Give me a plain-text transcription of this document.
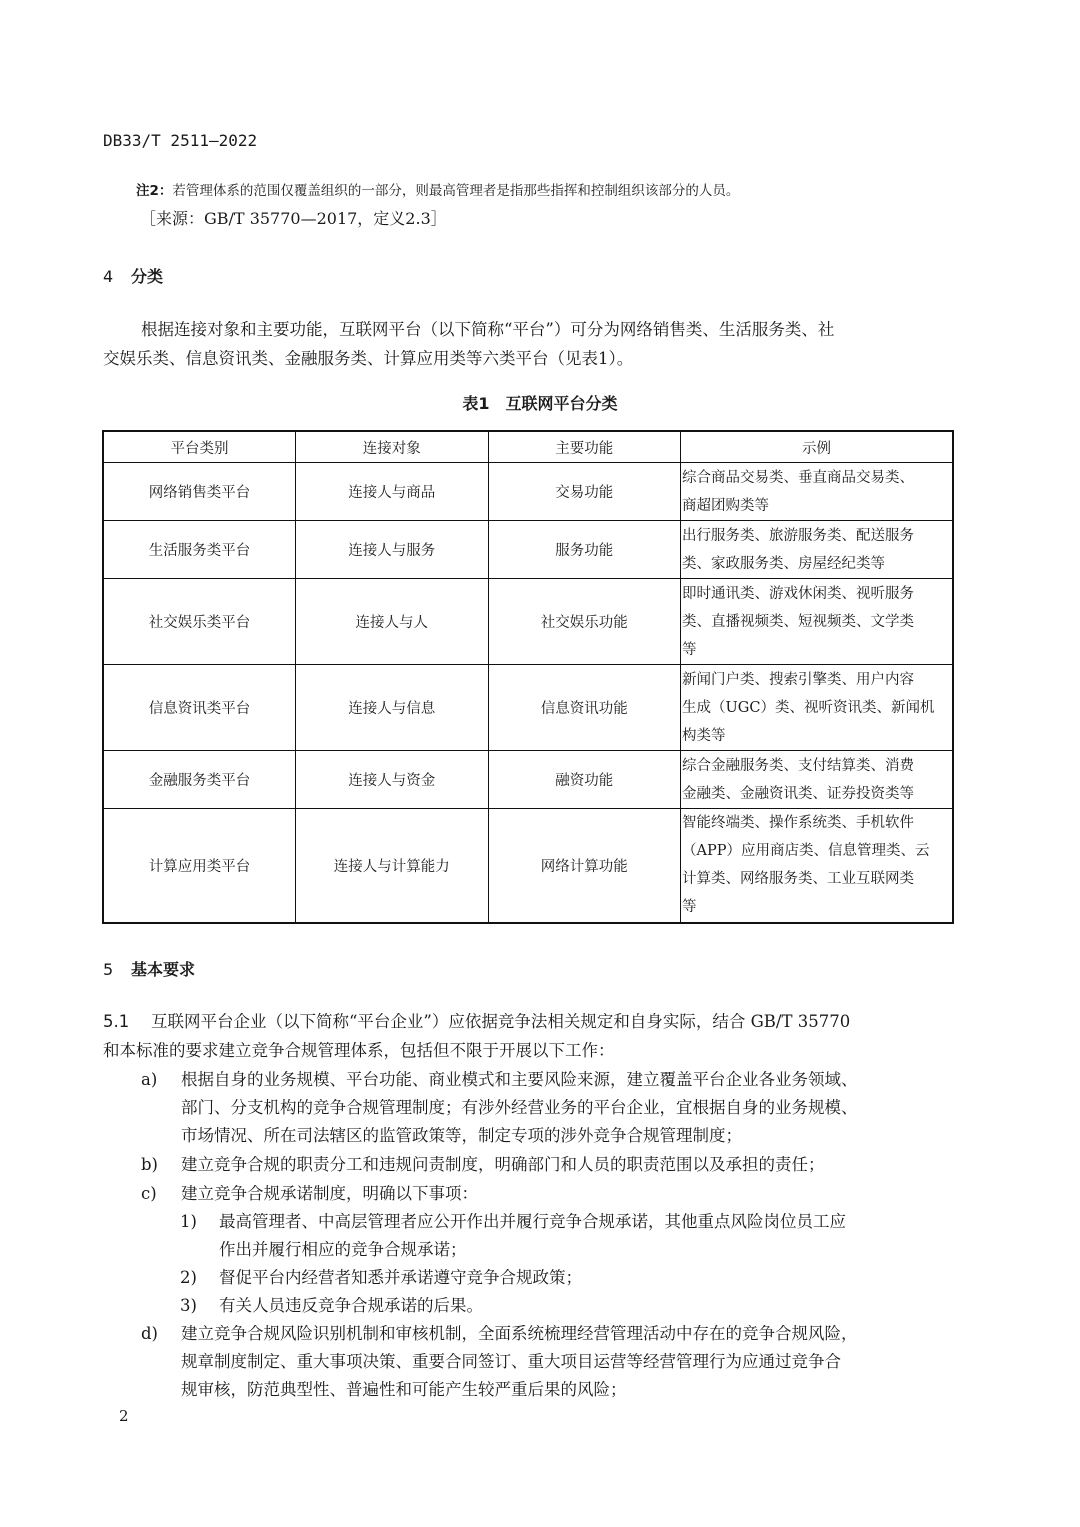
DB33/T 2511—2022
注2：若管理体系的范围仅覆盖组织的一部分，则最高管理者是指那些指挥和控制组织该部分的人员。
［来源：GB/T 35770—2017，定义2.3］
4 分类
根据连接对象和主要功能，互联网平台（以下简称“平台”）可分为网络销售类、生活服务类、社
交娱乐类、信息资讯类、金融服务类、计算应用类等六类平台（见表1）。
表1　互联网平台分类
平台类别	连接对象	主要功能	示例
网络销售类平台	连接人与商品	交易功能	综合商品交易类、垂直商品交易类、
商超团购类等

生活服务类平台	连接人与服务	服务功能	出行服务类、旅游服务类、配送服务
类、家政服务类、房屋经纪类等

社交娱乐类平台	连接人与人	社交娱乐功能	即时通讯类、游戏休闲类、视听服务
类、直播视频类、短视频类、文学类
等

信息资讯类平台	连接人与信息	信息资讯功能	新闻门户类、搜索引擎类、用户内容
生成（UGC）类、视听资讯类、新闻机
构类等

金融服务类平台	连接人与资金	融资功能	综合金融服务类、支付结算类、消费
金融类、金融资讯类、证券投资类等

计算应用类平台	连接人与计算能力	网络计算功能	智能终端类、操作系统类、手机软件
（APP）应用商店类、信息管理类、云
计算类、网络服务类、工业互联网类
等
5 基本要求
5.1 互联网平台企业（以下简称“平台企业”）应依据竞争法相关规定和自身实际，结合 GB/T 35770
和本标准的要求建立竞争合规管理体系，包括但不限于开展以下工作：
a) 根据自身的业务规模、平台功能、商业模式和主要风险来源，建立覆盖平台企业各业务领域、
部门、分支机构的竞争合规管理制度；有涉外经营业务的平台企业，宜根据自身的业务规模、
市场情况、所在司法辖区的监管政策等，制定专项的涉外竞争合规管理制度；
b) 建立竞争合规的职责分工和违规问责制度，明确部门和人员的职责范围以及承担的责任；
c) 建立竞争合规承诺制度，明确以下事项：
1) 最高管理者、中高层管理者应公开作出并履行竞争合规承诺，其他重点风险岗位员工应
作出并履行相应的竞争合规承诺；
2) 督促平台内经营者知悉并承诺遵守竞争合规政策；
3) 有关人员违反竞争合规承诺的后果。
d) 建立竞争合规风险识别机制和审核机制，全面系统梳理经营管理活动中存在的竞争合规风险，
规章制度制定、重大事项决策、重要合同签订、重大项目运营等经营管理行为应通过竞争合
规审核，防范典型性、普遍性和可能产生较严重后果的风险；
2
